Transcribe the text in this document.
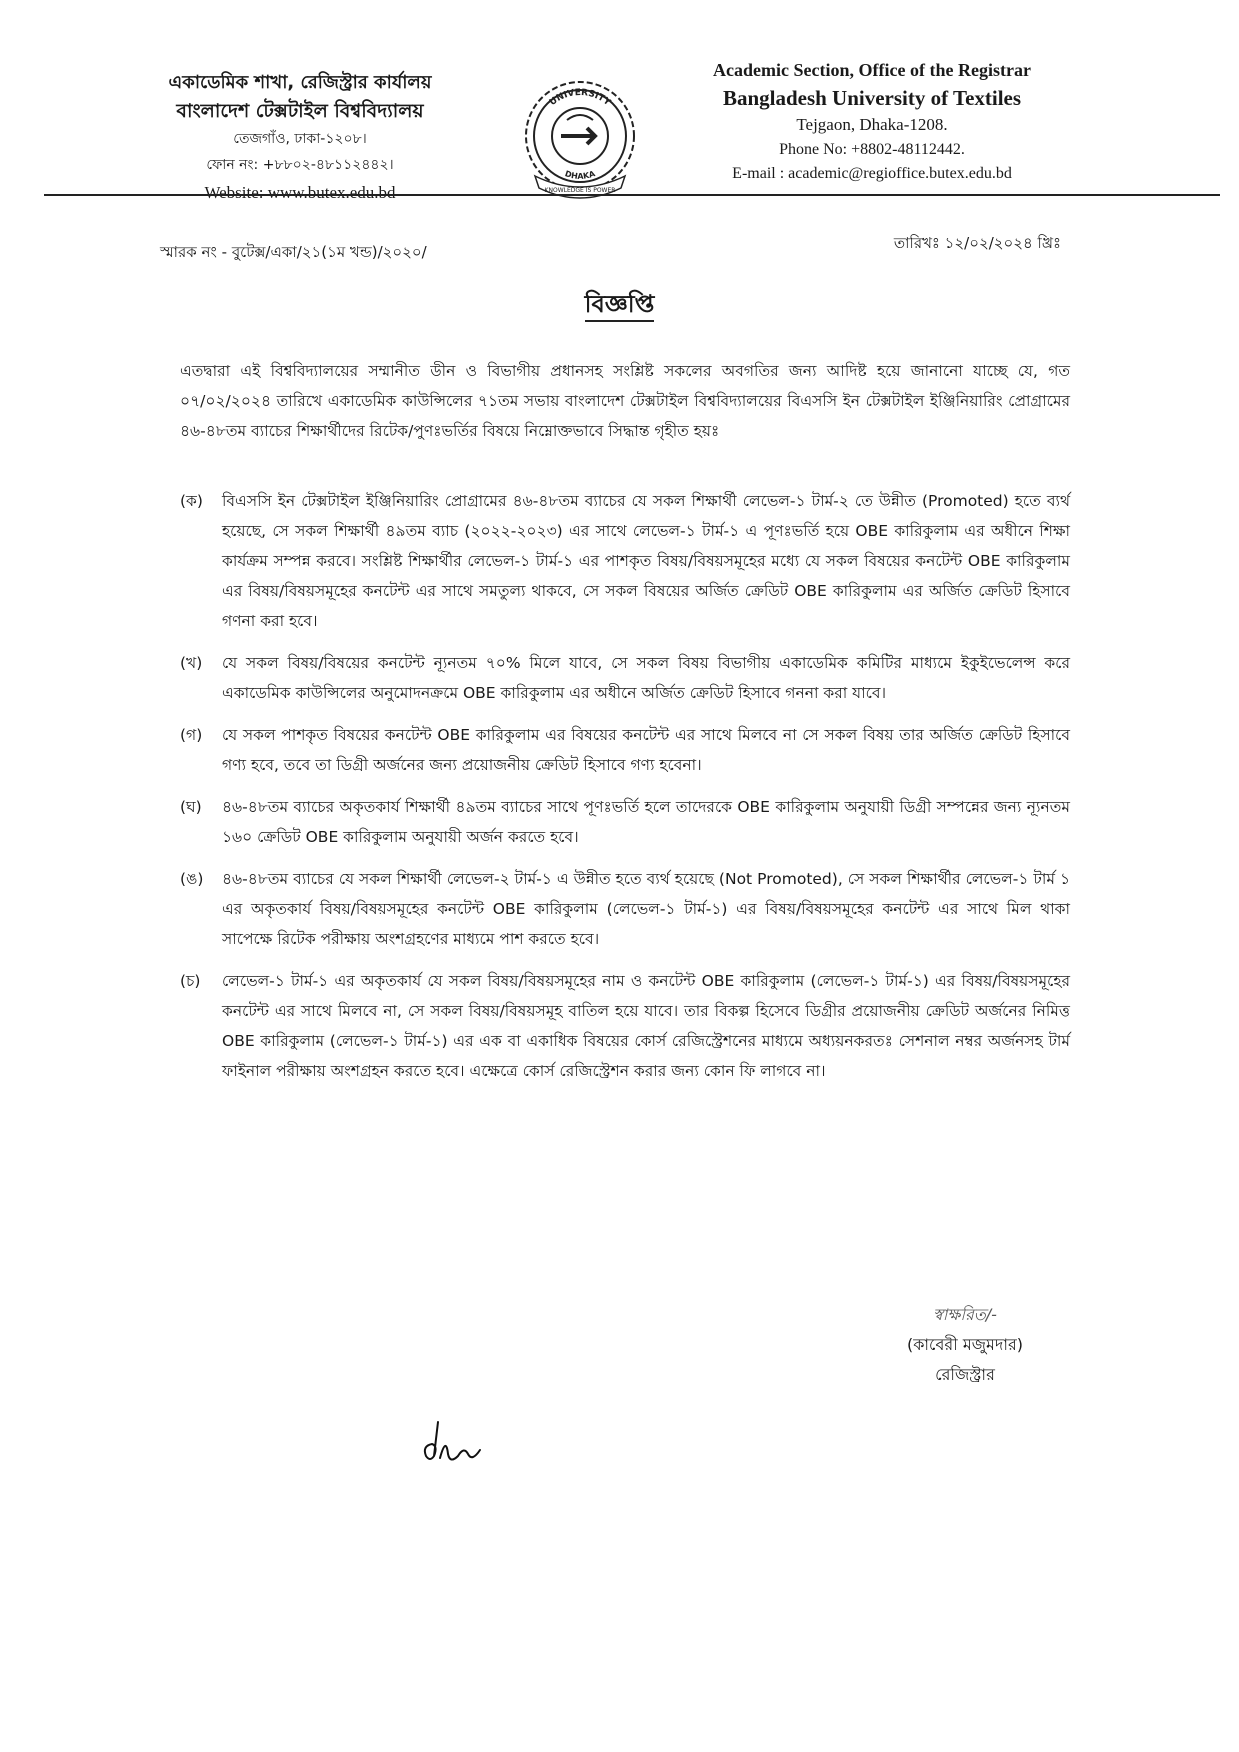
একাডেমিক শাখা, রেজিস্ট্রার কার্যালয়
বাংলাদেশ টেক্সটাইল বিশ্ববিদ্যালয়
তেজগাঁও, ঢাকা-১২০৮।
ফোন নং: +৮৮০২-৪৮১১২৪৪২।
Website: www.butex.edu.bd
UNIVERSITY
DHAKA
KNOWLEDGE IS POWER
Academic Section, Office of the Registrar
Bangladesh University of Textiles
Tejgaon, Dhaka-1208.
Phone No: +8802-48112442.
E-mail : academic@regioffice.butex.edu.bd
স্মারক নং - বুটেক্স/একা/২১(১ম খন্ড)/২০২০/	তারিখঃ ১২/০২/২০২৪ খ্রিঃ
বিজ্ঞপ্তি
এতদ্বারা এই বিশ্ববিদ্যালয়ের সম্মানীত ডীন ও বিভাগীয় প্রধানসহ সংশ্লিষ্ট সকলের অবগতির জন্য আদিষ্ট হয়ে জানানো যাচ্ছে যে, গত ০৭/০২/২০২৪ তারিখে একাডেমিক কাউন্সিলের ৭১তম সভায় বাংলাদেশ টেক্সটাইল বিশ্ববিদ্যালয়ের বিএসসি ইন টেক্সটাইল ইঞ্জিনিয়ারিং প্রোগ্রামের ৪৬-৪৮তম ব্যাচের শিক্ষার্থীদের রিটেক/পুণঃভর্তির বিষয়ে নিম্নোক্তভাবে সিদ্ধান্ত গৃহীত হয়ঃ
(ক)	বিএসসি ইন টেক্সটাইল ইঞ্জিনিয়ারিং প্রোগ্রামের ৪৬-৪৮তম ব্যাচের যে সকল শিক্ষার্থী লেভেল-১ টার্ম-২ তে উন্নীত (Promoted) হতে ব্যর্থ হয়েছে, সে সকল শিক্ষার্থী ৪৯তম ব্যাচ (২০২২-২০২৩) এর সাথে লেভেল-১ টার্ম-১ এ পূণঃভর্তি হয়ে OBE কারিকুলাম এর অধীনে শিক্ষা কার্যক্রম সম্পন্ন করবে। সংশ্লিষ্ট শিক্ষার্থীর লেভেল-১ টার্ম-১ এর পাশকৃত বিষয়/বিষয়সমূহের মধ্যে যে সকল বিষয়ের কনটেন্ট OBE কারিকুলাম এর বিষয়/বিষয়সমূহের কনটেন্ট এর সাথে সমতুল্য থাকবে, সে সকল বিষয়ের অর্জিত ক্রেডিট OBE কারিকুলাম এর অর্জিত ক্রেডিট হিসাবে গণনা করা হবে।
(খ)	যে সকল বিষয়/বিষয়ের কনটেন্ট ন্যূনতম ৭০% মিলে যাবে, সে সকল বিষয় বিভাগীয় একাডেমিক কমিটির মাধ্যমে ইকুইভেলেন্স করে একাডেমিক কাউন্সিলের অনুমোদনক্রমে OBE কারিকুলাম এর অধীনে অর্জিত ক্রেডিট হিসাবে গননা করা যাবে।
(গ)	যে সকল পাশকৃত বিষয়ের কনটেন্ট OBE কারিকুলাম এর বিষয়ের কনটেন্ট এর সাথে মিলবে না সে সকল বিষয় তার অর্জিত ক্রেডিট হিসাবে গণ্য হবে, তবে তা ডিগ্রী অর্জনের জন্য প্রয়োজনীয় ক্রেডিট হিসাবে গণ্য হবেনা।
(ঘ)	৪৬-৪৮তম ব্যাচের অকৃতকার্য শিক্ষার্থী ৪৯তম ব্যাচের সাথে পূণঃভর্তি হলে তাদেরকে OBE কারিকুলাম অনুযায়ী ডিগ্রী সম্পন্নের জন্য ন্যূনতম ১৬০ ক্রেডিট OBE কারিকুলাম অনুযায়ী অর্জন করতে হবে।
(ঙ)	৪৬-৪৮তম ব্যাচের যে সকল শিক্ষার্থী লেভেল-২ টার্ম-১ এ উন্নীত হতে ব্যর্থ হয়েছে (Not Promoted), সে সকল শিক্ষার্থীর লেভেল-১ টার্ম ১ এর অকৃতকার্য বিষয়/বিষয়সমূহের কনটেন্ট OBE কারিকুলাম (লেভেল-১ টার্ম-১) এর বিষয়/বিষয়সমূহের কনটেন্ট এর সাথে মিল থাকা সাপেক্ষে রিটেক পরীক্ষায় অংশগ্রহণের মাধ্যমে পাশ করতে হবে।
(চ)	লেভেল-১ টার্ম-১ এর অকৃতকার্য যে সকল বিষয়/বিষয়সমূহের নাম ও কনটেন্ট OBE কারিকুলাম (লেভেল-১ টার্ম-১) এর বিষয়/বিষয়সমূহের কনটেন্ট এর সাথে মিলবে না, সে সকল বিষয়/বিষয়সমূহ বাতিল হয়ে যাবে। তার বিকল্প হিসেবে ডিগ্রীর প্রয়োজনীয় ক্রেডিট অর্জনের নিমিত্ত OBE কারিকুলাম (লেভেল-১ টার্ম-১) এর এক বা একাধিক বিষয়ের কোর্স রেজিস্ট্রেশনের মাধ্যমে অধ্যয়নকরতঃ সেশনাল নম্বর অর্জনসহ টার্ম ফাইনাল পরীক্ষায় অংশগ্রহন করতে হবে। এক্ষেত্রে কোর্স রেজিস্ট্রেশন করার জন্য কোন ফি লাগবে না।
স্বাক্ষরিত/-
(কাবেরী মজুমদার)
রেজিস্ট্রার
